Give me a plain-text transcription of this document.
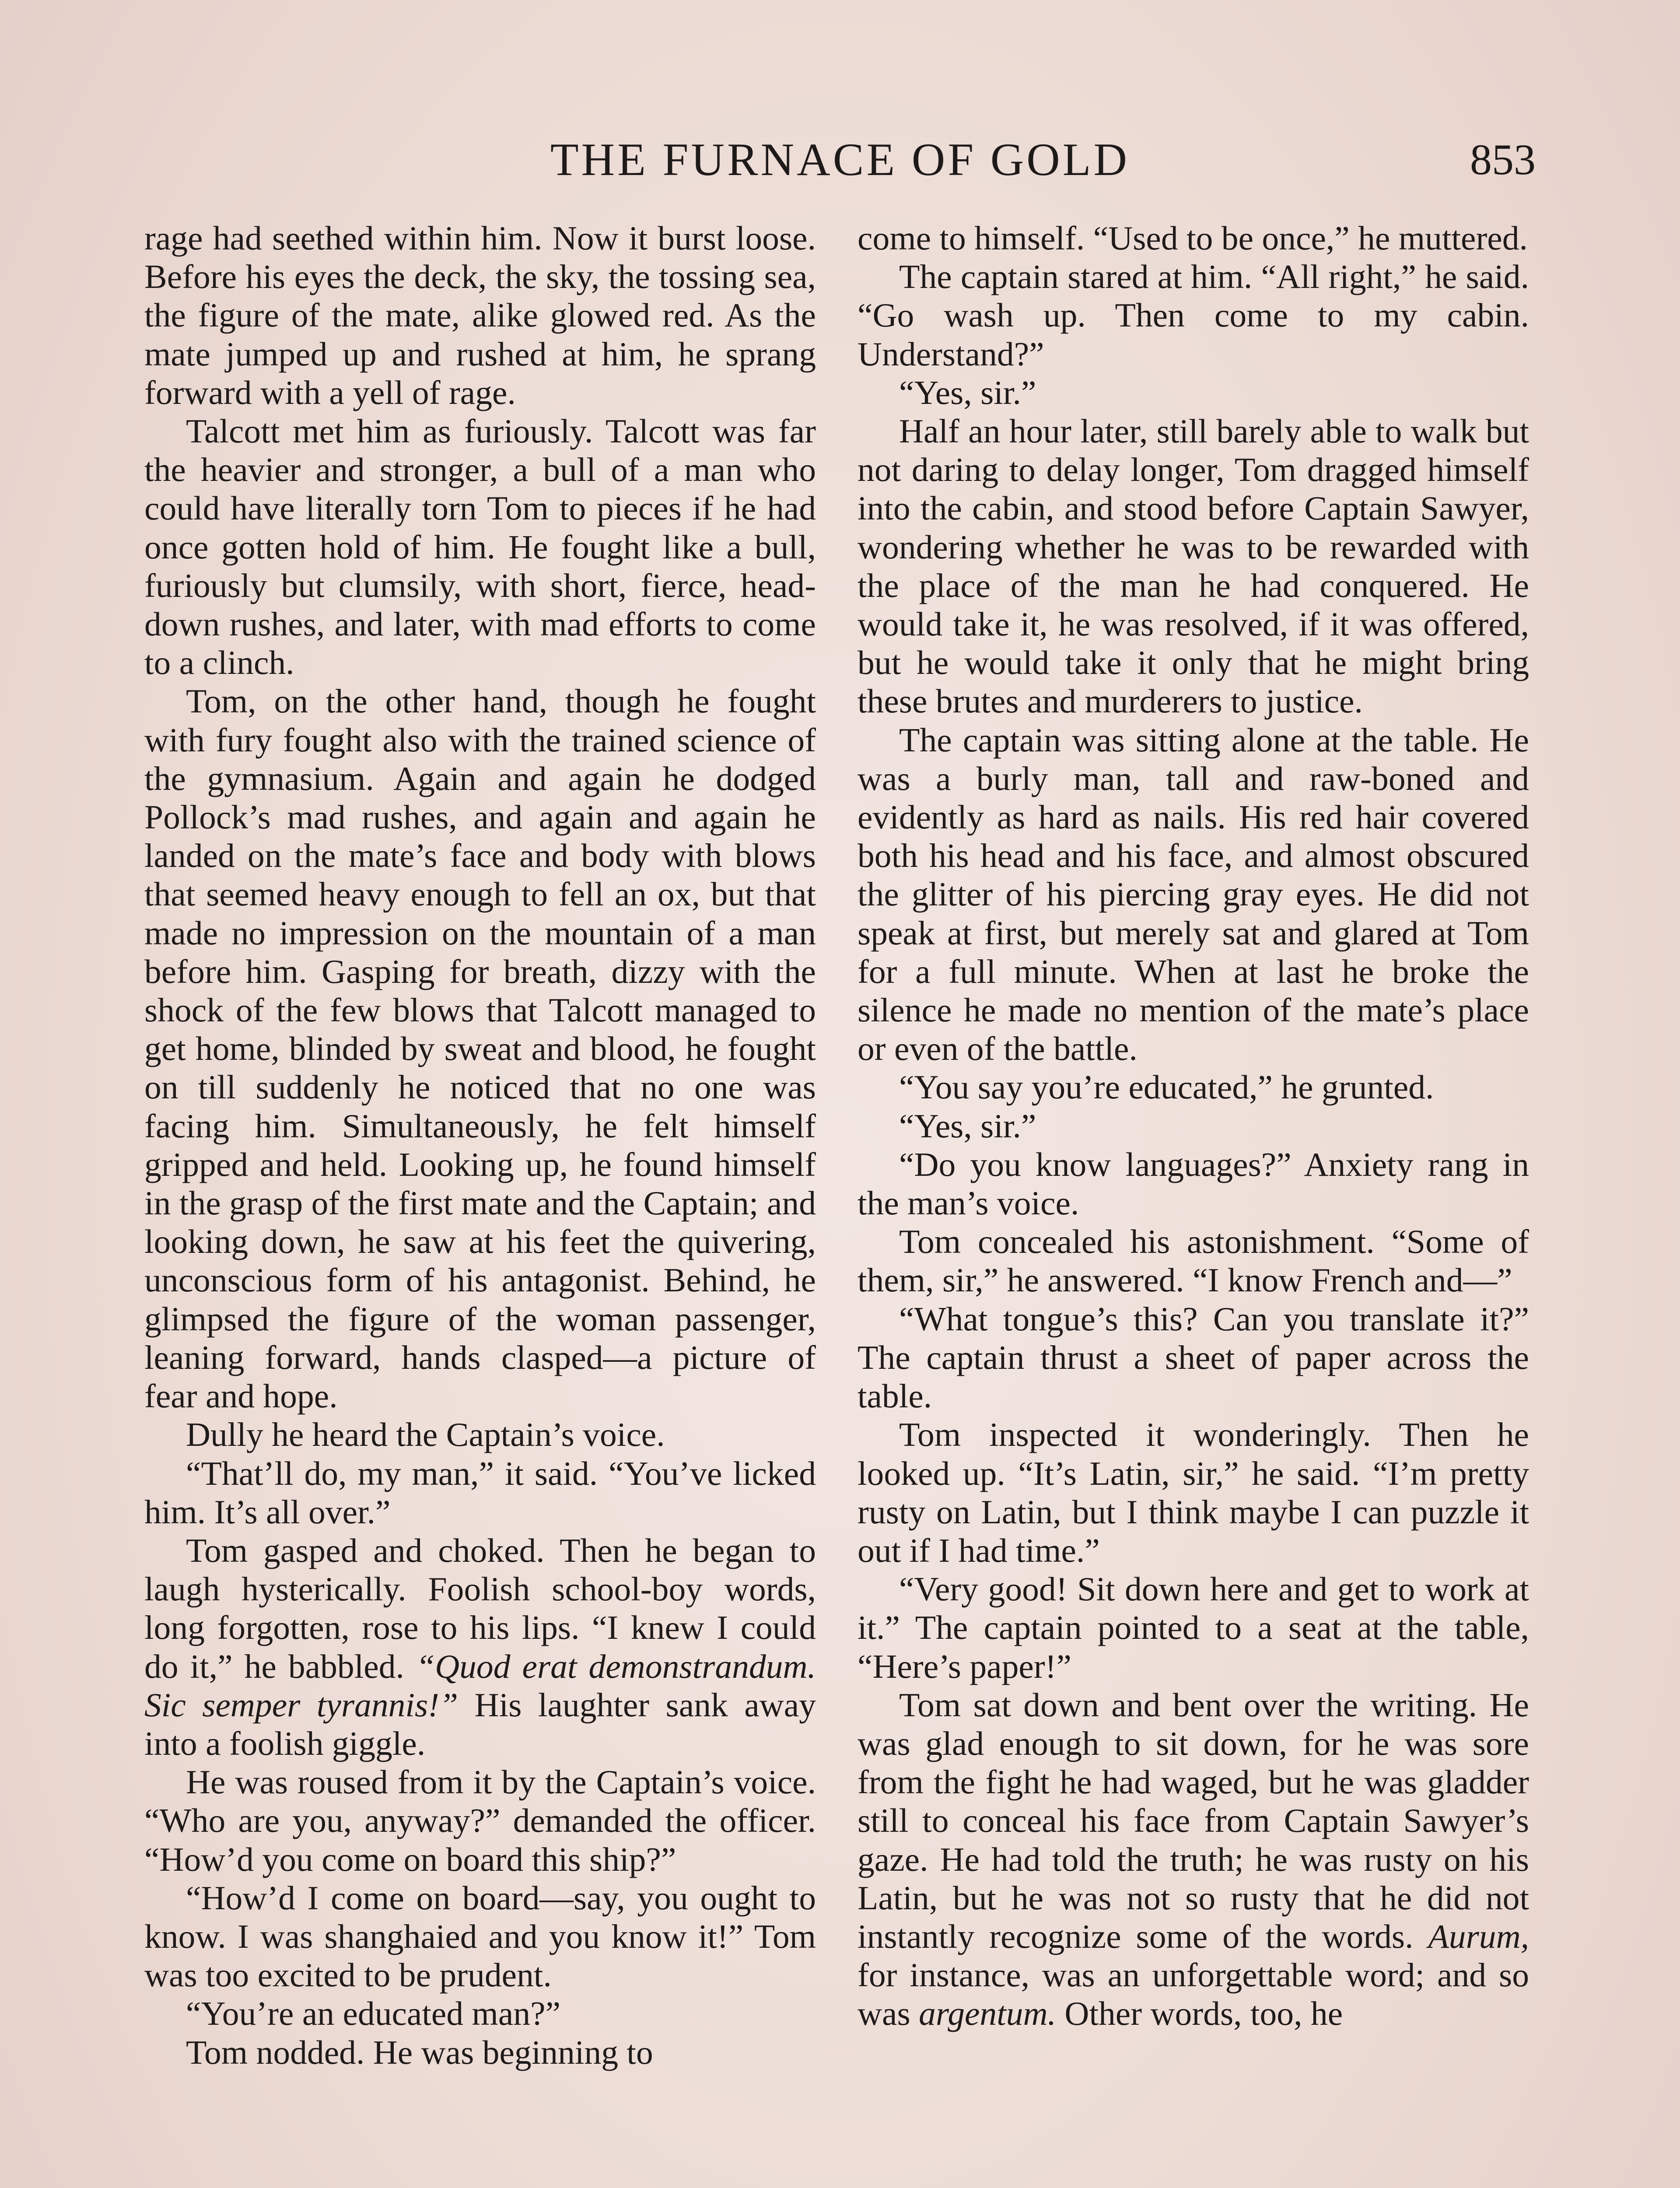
THE FURNACE OF GOLD	853

rage had seethed within him. Now it burst loose. Before his eyes the deck, the sky, the tossing sea, the figure of the mate, alike glowed red. As the mate jumped up and rushed at him, he sprang forward with a yell of rage.

Talcott met him as furiously. Talcott was far the heavier and stronger, a bull of a man who could have literally torn Tom to pieces if he had once gotten hold of him. He fought like a bull, furiously but clumsily, with short, fierce, head-down rushes, and later, with mad efforts to come to a clinch.

Tom, on the other hand, though he fought with fury fought also with the trained science of the gymnasium. Again and again he dodged Pollock’s mad rushes, and again and again he landed on the mate’s face and body with blows that seemed heavy enough to fell an ox, but that made no impression on the mountain of a man before him. Gasping for breath, dizzy with the shock of the few blows that Talcott managed to get home, blinded by sweat and blood, he fought on till suddenly he noticed that no one was facing him. Simultaneously, he felt himself gripped and held. Looking up, he found himself in the grasp of the first mate and the Captain; and looking down, he saw at his feet the quivering, unconscious form of his antagonist. Behind, he glimpsed the figure of the woman passenger, leaning forward, hands clasped—a picture of fear and hope.

Dully he heard the Captain’s voice.

“That’ll do, my man,” it said. “You’ve licked him. It’s all over.”

Tom gasped and choked. Then he began to laugh hysterically. Foolish school-boy words, long forgotten, rose to his lips. “I knew I could do it,” he babbled. “Quod erat demonstrandum. Sic semper tyrannis!” His laughter sank away into a foolish giggle.

He was roused from it by the Captain’s voice. “Who are you, anyway?” demanded the officer. “How’d you come on board this ship?”

“How’d I come on board—say, you ought to know. I was shanghaied and you know it!” Tom was too excited to be prudent.

“You’re an educated man?”

Tom nodded. He was beginning to

come to himself. “Used to be once,” he muttered.

The captain stared at him. “All right,” he said. “Go wash up. Then come to my cabin. Understand?”

“Yes, sir.”

Half an hour later, still barely able to walk but not daring to delay longer, Tom dragged himself into the cabin, and stood before Captain Sawyer, wondering whether he was to be rewarded with the place of the man he had conquered. He would take it, he was resolved, if it was offered, but he would take it only that he might bring these brutes and murderers to justice.

The captain was sitting alone at the table. He was a burly man, tall and raw-boned and evidently as hard as nails. His red hair covered both his head and his face, and almost obscured the glitter of his piercing gray eyes. He did not speak at first, but merely sat and glared at Tom for a full minute. When at last he broke the silence he made no mention of the mate’s place or even of the battle.

“You say you’re educated,” he grunted.

“Yes, sir.”

“Do you know languages?” Anxiety rang in the man’s voice.

Tom concealed his astonishment. “Some of them, sir,” he answered. “I know French and—”

“What tongue’s this? Can you translate it?” The captain thrust a sheet of paper across the table.

Tom inspected it wonderingly. Then he looked up. “It’s Latin, sir,” he said. “I’m pretty rusty on Latin, but I think maybe I can puzzle it out if I had time.”

“Very good! Sit down here and get to work at it.” The captain pointed to a seat at the table, “Here’s paper!”

Tom sat down and bent over the writing. He was glad enough to sit down, for he was sore from the fight he had waged, but he was gladder still to conceal his face from Captain Sawyer’s gaze. He had told the truth; he was rusty on his Latin, but he was not so rusty that he did not instantly recognize some of the words. Aurum, for instance, was an unforgettable word; and so was argentum. Other words, too, he
